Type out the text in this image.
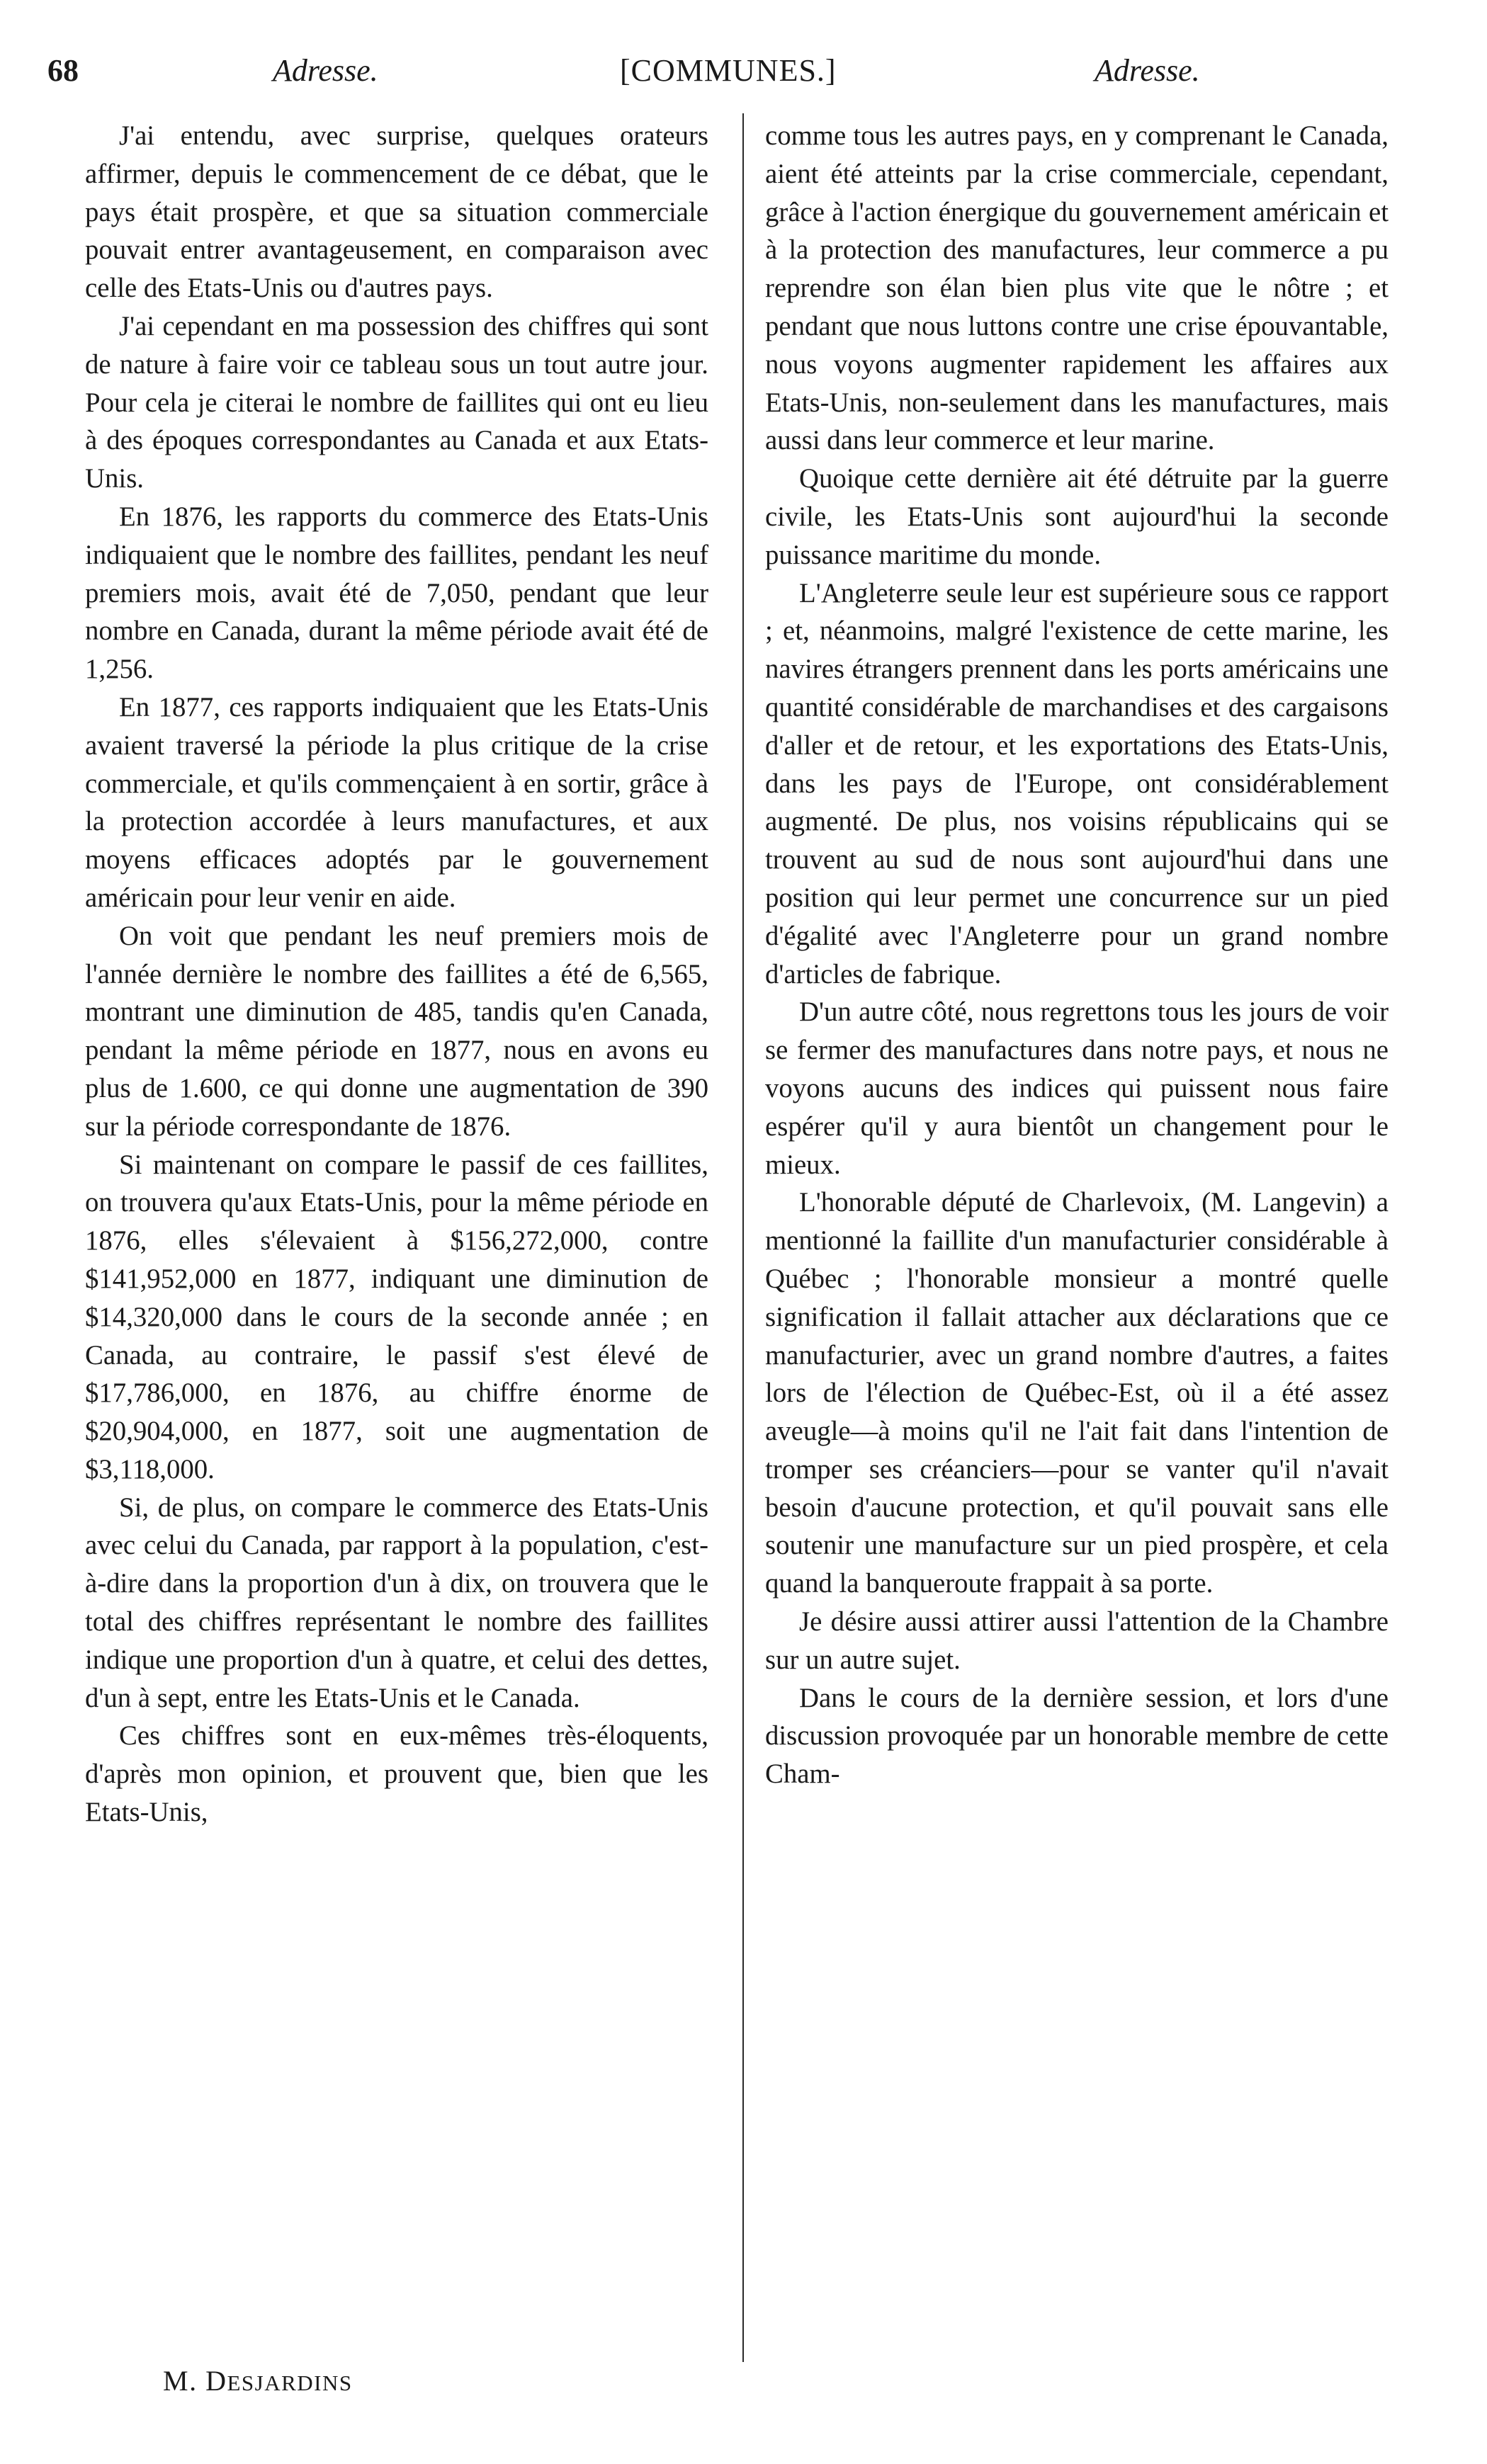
68	Adresse.	[COMMUNES.]	Adresse.

J'ai entendu, avec surprise, quelques orateurs affirmer, depuis le commencement de ce débat, que le pays était prospère, et que sa situation commerciale pouvait entrer avantageusement, en comparaison avec celle des Etats-Unis ou d'autres pays.

J'ai cependant en ma possession des chiffres qui sont de nature à faire voir ce tableau sous un tout autre jour. Pour cela je citerai le nombre de faillites qui ont eu lieu à des époques correspondantes au Canada et aux Etats-Unis.

En 1876, les rapports du commerce des Etats-Unis indiquaient que le nombre des faillites, pendant les neuf premiers mois, avait été de 7,050, pendant que leur nombre en Canada, durant la même période avait été de 1,256.

En 1877, ces rapports indiquaient que les Etats-Unis avaient traversé la période la plus critique de la crise commerciale, et qu'ils commençaient à en sortir, grâce à la protection accordée à leurs manufactures, et aux moyens efficaces adoptés par le gouvernement américain pour leur venir en aide.

On voit que pendant les neuf premiers mois de l'année dernière le nombre des faillites a été de 6,565, montrant une diminution de 485, tandis qu'en Canada, pendant la même période en 1877, nous en avons eu plus de 1.600, ce qui donne une augmentation de 390 sur la période correspondante de 1876.

Si maintenant on compare le passif de ces faillites, on trouvera qu'aux Etats-Unis, pour la même période en 1876, elles s'élevaient à $156,272,000, contre $141,952,000 en 1877, indiquant une diminution de $14,320,000 dans le cours de la seconde année ; en Canada, au contraire, le passif s'est élevé de $17,786,000, en 1876, au chiffre énorme de $20,904,000, en 1877, soit une augmentation de $3,118,000.

Si, de plus, on compare le commerce des Etats-Unis avec celui du Canada, par rapport à la population, c'est-à-dire dans la proportion d'un à dix, on trouvera que le total des chiffres représentant le nombre des faillites indique une proportion d'un à quatre, et celui des dettes, d'un à sept, entre les Etats-Unis et le Canada.

Ces chiffres sont en eux-mêmes très-éloquents, d'après mon opinion, et prouvent que, bien que les Etats-Unis,

comme tous les autres pays, en y comprenant le Canada, aient été atteints par la crise commerciale, cependant, grâce à l'action énergique du gouvernement américain et à la protection des manufactures, leur commerce a pu reprendre son élan bien plus vite que le nôtre ; et pendant que nous luttons contre une crise épouvantable, nous voyons augmenter rapidement les affaires aux Etats-Unis, non-seulement dans les manufactures, mais aussi dans leur commerce et leur marine.

Quoique cette dernière ait été détruite par la guerre civile, les Etats-Unis sont aujourd'hui la seconde puissance maritime du monde.

L'Angleterre seule leur est supérieure sous ce rapport ; et, néanmoins, malgré l'existence de cette marine, les navires étrangers prennent dans les ports américains une quantité considérable de marchandises et des cargaisons d'aller et de retour, et les exportations des Etats-Unis, dans les pays de l'Europe, ont considérablement augmenté. De plus, nos voisins républicains qui se trouvent au sud de nous sont aujourd'hui dans une position qui leur permet une concurrence sur un pied d'égalité avec l'Angleterre pour un grand nombre d'articles de fabrique.

D'un autre côté, nous regrettons tous les jours de voir se fermer des manufactures dans notre pays, et nous ne voyons aucuns des indices qui puissent nous faire espérer qu'il y aura bientôt un changement pour le mieux.

L'honorable député de Charlevoix, (M. Langevin) a mentionné la faillite d'un manufacturier considérable à Québec ; l'honorable monsieur a montré quelle signification il fallait attacher aux déclarations que ce manufacturier, avec un grand nombre d'autres, a faites lors de l'élection de Québec-Est, où il a été assez aveugle—à moins qu'il ne l'ait fait dans l'intention de tromper ses créanciers—pour se vanter qu'il n'avait besoin d'aucune protection, et qu'il pouvait sans elle soutenir une manufacture sur un pied prospère, et cela quand la banqueroute frappait à sa porte.

Je désire aussi attirer aussi l'attention de la Chambre sur un autre sujet.

Dans le cours de la dernière session, et lors d'une discussion provoquée par un honorable membre de cette Cham-

M. DESJARDINS
